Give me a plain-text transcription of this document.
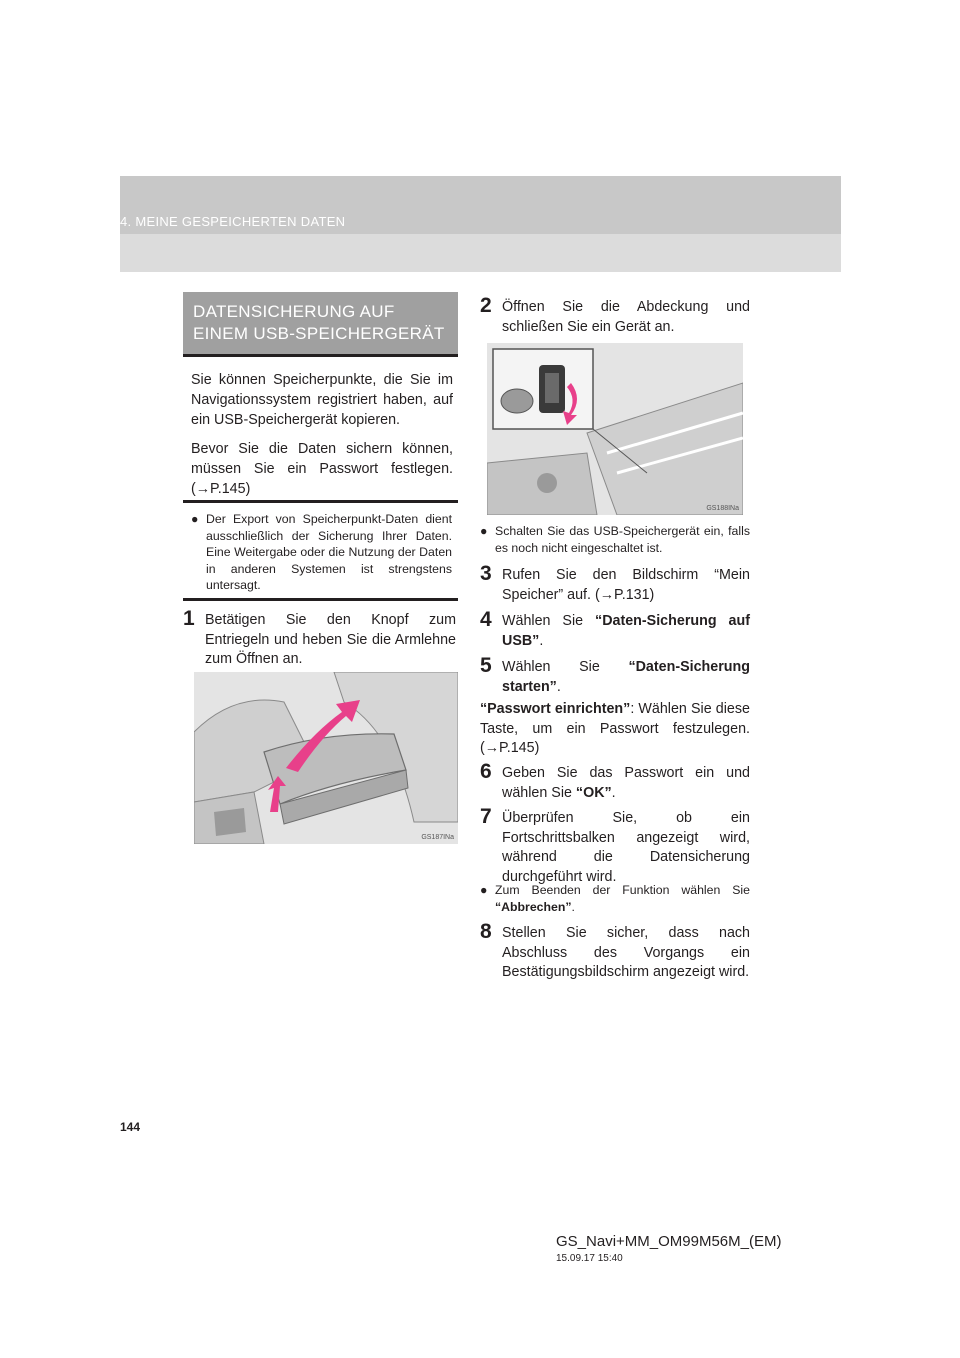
4. MEINE GESPEICHERTEN DATEN
DATENSICHERUNG AUF
EINEM USB-SPEICHERGERÄT

Sie können Speicherpunkte, die Sie im Navigationssystem registriert haben, auf ein USB-Speichergerät kopieren.

Bevor Sie die Daten sichern können, müssen Sie ein Passwort festlegen. (→P.145)

● Der Export von Speicherpunkt-Daten dient ausschließlich der Sicherung Ihrer Daten. Eine Weitergabe oder die Nutzung der Daten in anderen Systemen ist strengstens untersagt.
1 Betätigen Sie den Knopf zum Entriegeln und heben Sie die Armlehne zum Öffnen an.
GS187INa
2 Öffnen Sie die Abdeckung und schließen Sie ein Gerät an.
GS188INa
● Schalten Sie das USB-Speichergerät ein, falls es noch nicht eingeschaltet ist.
3 Rufen Sie den Bildschirm “Mein Speicher” auf. (→P.131)
4 Wählen Sie “Daten-Sicherung auf USB”.
5 Wählen Sie “Daten-Sicherung starten”.
“Passwort einrichten”: Wählen Sie diese Taste, um ein Passwort festzulegen. (→P.145)
6 Geben Sie das Passwort ein und wählen Sie “OK”.
7 Überprüfen Sie, ob ein Fortschrittsbalken angezeigt wird, während die Datensicherung durchgeführt wird.
● Zum Beenden der Funktion wählen Sie “Abbrechen”.
8 Stellen Sie sicher, dass nach Abschluss des Vorgangs ein Bestätigungsbildschirm angezeigt wird.
144
GS_Navi+MM_OM99M56M_(EM)
15.09.17 15:40
